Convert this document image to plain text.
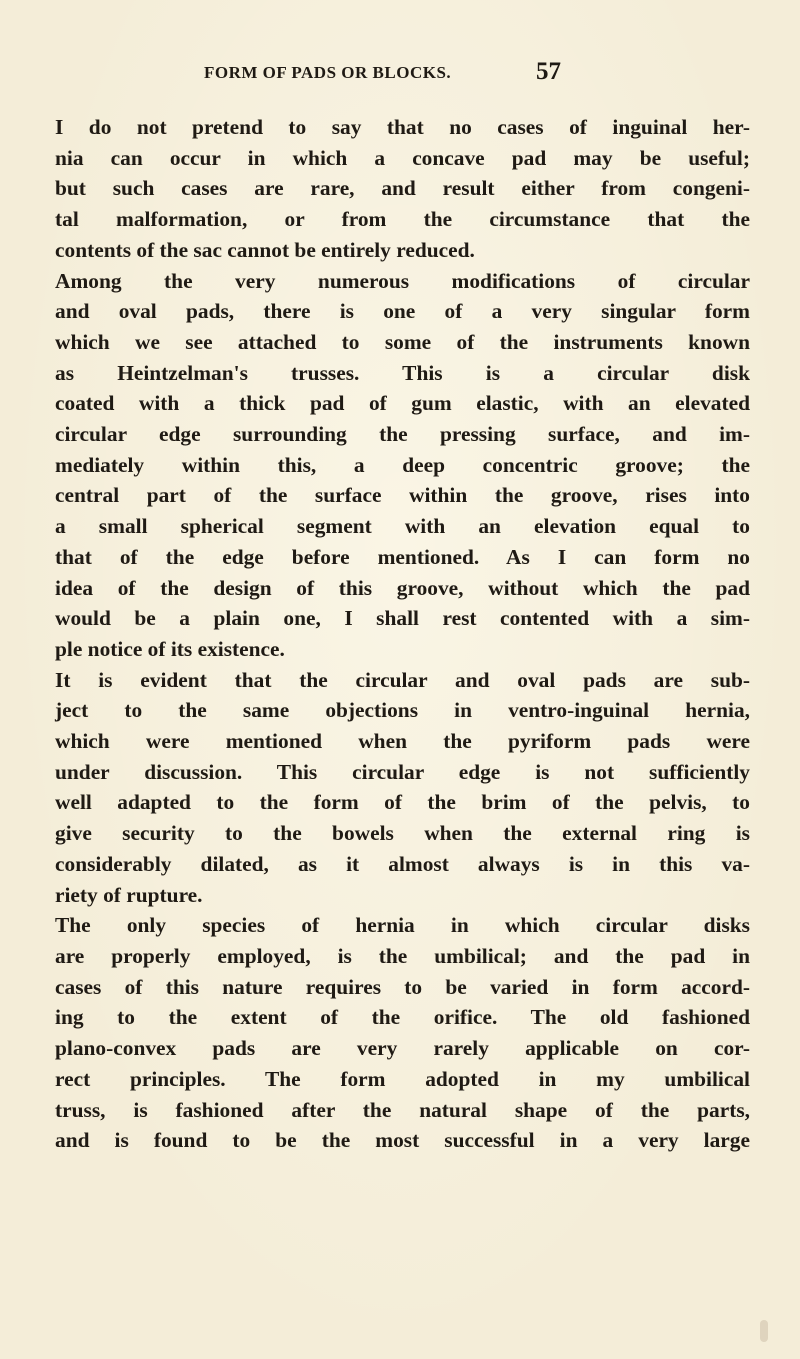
FORM OF PADS OR BLOCKS.	57

I do not pretend to say that no cases of inguinal her-
nia can occur in which a concave pad may be useful;
but such cases are rare, and result either from congeni-
tal malformation, or from the circumstance that the
contents of the sac cannot be entirely reduced.

Among the very numerous modifications of circular
and oval pads, there is one of a very singular form
which we see attached to some of the instruments known
as Heintzelman's trusses. This is a circular disk
coated with a thick pad of gum elastic, with an elevated
circular edge surrounding the pressing surface, and im-
mediately within this, a deep concentric groove; the
central part of the surface within the groove, rises into
a small spherical segment with an elevation equal to
that of the edge before mentioned. As I can form no
idea of the design of this groove, without which the pad
would be a plain one, I shall rest contented with a sim-
ple notice of its existence.

It is evident that the circular and oval pads are sub-
ject to the same objections in ventro-inguinal hernia,
which were mentioned when the pyriform pads were
under discussion. This circular edge is not sufficiently
well adapted to the form of the brim of the pelvis, to
give security to the bowels when the external ring is
considerably dilated, as it almost always is in this va-
riety of rupture.

The only species of hernia in which circular disks
are properly employed, is the umbilical; and the pad in
cases of this nature requires to be varied in form accord-
ing to the extent of the orifice. The old fashioned
plano-convex pads are very rarely applicable on cor-
rect principles. The form adopted in my umbilical
truss, is fashioned after the natural shape of the parts,
and is found to be the most successful in a very large
